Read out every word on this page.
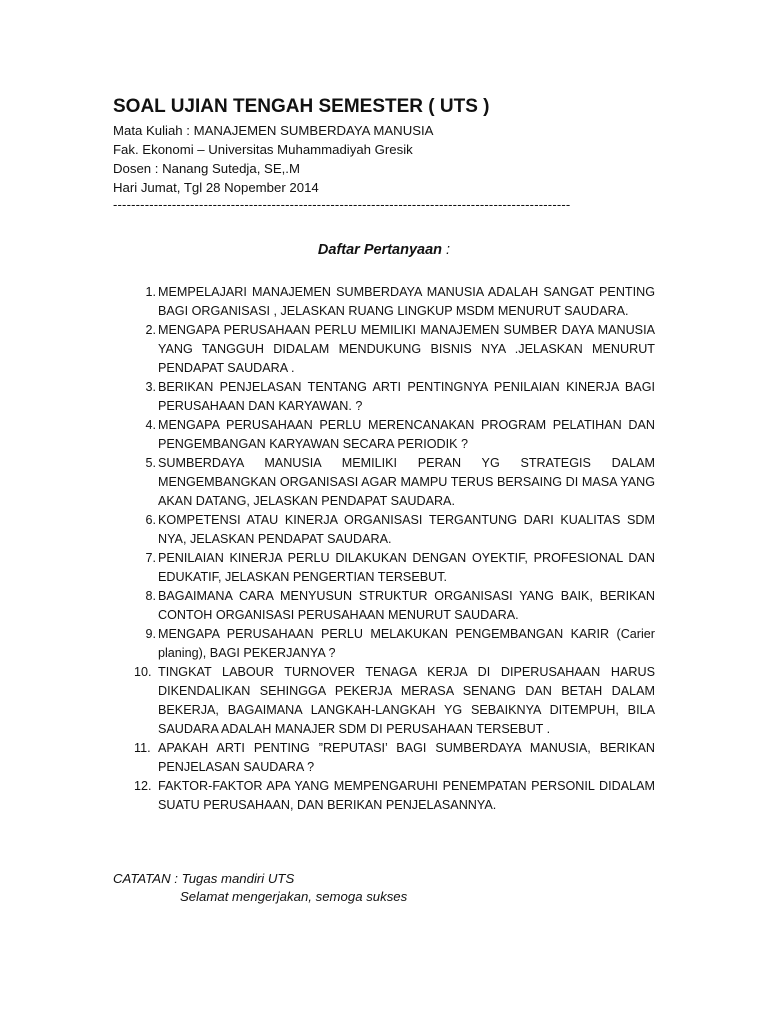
SOAL UJIAN TENGAH SEMESTER ( UTS )
Mata Kuliah : MANAJEMEN SUMBERDAYA MANUSIA
Fak. Ekonomi – Universitas Muhammadiyah Gresik
Dosen : Nanang Sutedja, SE,.M
Hari Jumat, Tgl 28 Nopember 2014
-----------------------------------------------------------------------------------------------------
Daftar Pertanyaan :
1. MEMPELAJARI MANAJEMEN SUMBERDAYA MANUSIA ADALAH SANGAT PENTING BAGI ORGANISASI , JELASKAN RUANG LINGKUP MSDM MENURUT SAUDARA.
2. MENGAPA PERUSAHAAN PERLU MEMILIKI MANAJEMEN SUMBER DAYA MANUSIA YANG TANGGUH DIDALAM MENDUKUNG BISNIS NYA .JELASKAN MENURUT PENDAPAT SAUDARA .
3. BERIKAN PENJELASAN TENTANG ARTI PENTINGNYA PENILAIAN KINERJA BAGI PERUSAHAAN DAN KARYAWAN. ?
4. MENGAPA PERUSAHAAN PERLU MERENCANAKAN PROGRAM PELATIHAN DAN PENGEMBANGAN KARYAWAN SECARA PERIODIK ?
5. SUMBERDAYA MANUSIA MEMILIKI PERAN YG STRATEGIS DALAM MENGEMBANGKAN ORGANISASI AGAR MAMPU TERUS BERSAING DI MASA YANG AKAN DATANG, JELASKAN PENDAPAT SAUDARA.
6. KOMPETENSI ATAU KINERJA ORGANISASI TERGANTUNG DARI KUALITAS SDM NYA, JELASKAN PENDAPAT SAUDARA.
7. PENILAIAN KINERJA PERLU DILAKUKAN DENGAN OYEKTIF, PROFESIONAL DAN EDUKATIF, JELASKAN PENGERTIAN TERSEBUT.
8. BAGAIMANA CARA MENYUSUN STRUKTUR ORGANISASI YANG BAIK, BERIKAN CONTOH ORGANISASI PERUSAHAAN MENURUT SAUDARA.
9. MENGAPA PERUSAHAAN PERLU MELAKUKAN PENGEMBANGAN KARIR (Carier planing), BAGI PEKERJANYA ?
10. TINGKAT LABOUR TURNOVER TENAGA KERJA DI DIPERUSAHAAN HARUS DIKENDALIKAN SEHINGGA PEKERJA MERASA SENANG DAN BETAH DALAM BEKERJA, BAGAIMANA LANGKAH-LANGKAH YG SEBAIKNYA DITEMPUH, BILA SAUDARA ADALAH MANAJER SDM DI PERUSAHAAN TERSEBUT .
11. APAKAH ARTI PENTING ”REPUTASI’ BAGI SUMBERDAYA MANUSIA, BERIKAN PENJELASAN SAUDARA ?
12. FAKTOR-FAKTOR APA YANG MEMPENGARUHI PENEMPATAN PERSONIL DIDALAM SUATU PERUSAHAAN, DAN BERIKAN PENJELASANNYA.
CATATAN : Tugas mandiri UTS
Selamat mengerjakan, semoga sukses
